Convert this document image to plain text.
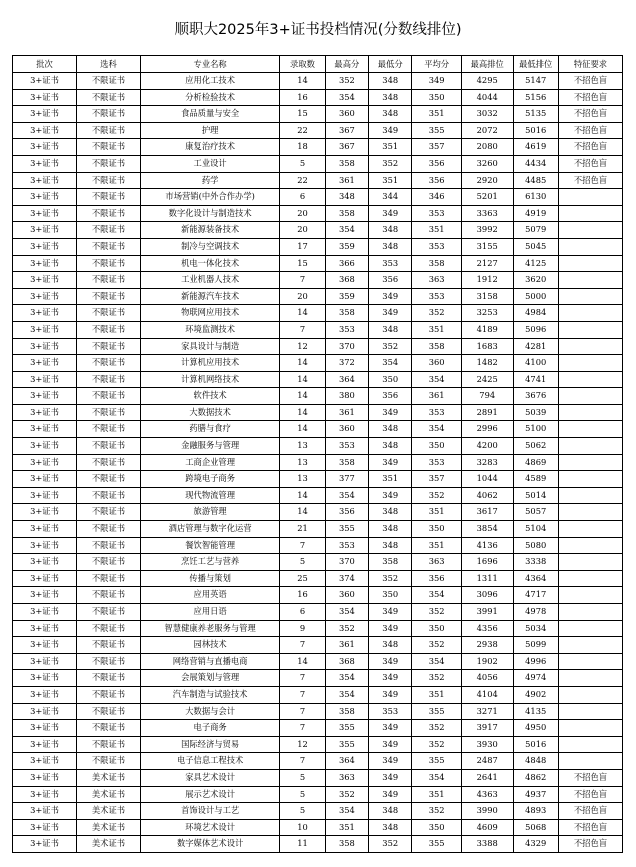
顺职大2025年3+证书投档情况(分数线排位)
批次	选科	专业名称	录取数	最高分	最低分	平均分	最高排位	最低排位	特征要求
3+证书	不限证书	应用化工技术	14	352	348	349	4295	5147	不招色盲
3+证书	不限证书	分析检验技术	16	354	348	350	4044	5156	不招色盲
3+证书	不限证书	食品质量与安全	15	360	348	351	3032	5135	不招色盲
3+证书	不限证书	护理	22	367	349	355	2072	5016	不招色盲
3+证书	不限证书	康复治疗技术	18	367	351	357	2080	4619	不招色盲
3+证书	不限证书	工业设计	5	358	352	356	3260	4434	不招色盲
3+证书	不限证书	药学	22	361	351	356	2920	4485	不招色盲
3+证书	不限证书	市场营销(中外合作办学)	6	348	344	346	5201	6130	
3+证书	不限证书	数字化设计与制造技术	20	358	349	353	3363	4919	
3+证书	不限证书	新能源装备技术	20	354	348	351	3992	5079	
3+证书	不限证书	制冷与空调技术	17	359	348	353	3155	5045	
3+证书	不限证书	机电一体化技术	15	366	353	358	2127	4125	
3+证书	不限证书	工业机器人技术	7	368	356	363	1912	3620	
3+证书	不限证书	新能源汽车技术	20	359	349	353	3158	5000	
3+证书	不限证书	物联网应用技术	14	358	349	352	3253	4984	
3+证书	不限证书	环境监测技术	7	353	348	351	4189	5096	
3+证书	不限证书	家具设计与制造	12	370	352	358	1683	4281	
3+证书	不限证书	计算机应用技术	14	372	354	360	1482	4100	
3+证书	不限证书	计算机网络技术	14	364	350	354	2425	4741	
3+证书	不限证书	软件技术	14	380	356	361	794	3676	
3+证书	不限证书	大数据技术	14	361	349	353	2891	5039	
3+证书	不限证书	药膳与食疗	14	360	348	354	2996	5100	
3+证书	不限证书	金融服务与管理	13	353	348	350	4200	5062	
3+证书	不限证书	工商企业管理	13	358	349	353	3283	4869	
3+证书	不限证书	跨境电子商务	13	377	351	357	1044	4589	
3+证书	不限证书	现代物流管理	14	354	349	352	4062	5014	
3+证书	不限证书	旅游管理	14	356	348	351	3617	5057	
3+证书	不限证书	酒店管理与数字化运营	21	355	348	350	3854	5104	
3+证书	不限证书	餐饮智能管理	7	353	348	351	4136	5080	
3+证书	不限证书	烹饪工艺与营养	5	370	358	363	1696	3338	
3+证书	不限证书	传播与策划	25	374	352	356	1311	4364	
3+证书	不限证书	应用英语	16	360	350	354	3096	4717	
3+证书	不限证书	应用日语	6	354	349	352	3991	4978	
3+证书	不限证书	智慧健康养老服务与管理	9	352	349	350	4356	5034	
3+证书	不限证书	园林技术	7	361	348	352	2938	5099	
3+证书	不限证书	网络营销与直播电商	14	368	349	354	1902	4996	
3+证书	不限证书	会展策划与管理	7	354	349	352	4056	4974	
3+证书	不限证书	汽车制造与试验技术	7	354	349	351	4104	4902	
3+证书	不限证书	大数据与会计	7	358	353	355	3271	4135	
3+证书	不限证书	电子商务	7	355	349	352	3917	4950	
3+证书	不限证书	国际经济与贸易	12	355	349	352	3930	5016	
3+证书	不限证书	电子信息工程技术	7	364	349	355	2487	4848	
3+证书	美术证书	家具艺术设计	5	363	349	354	2641	4862	不招色盲
3+证书	美术证书	展示艺术设计	5	352	349	351	4363	4937	不招色盲
3+证书	美术证书	首饰设计与工艺	5	354	348	352	3990	4893	不招色盲
3+证书	美术证书	环境艺术设计	10	351	348	350	4609	5068	不招色盲
3+证书	美术证书	数字媒体艺术设计	11	358	352	355	3388	4329	不招色盲
